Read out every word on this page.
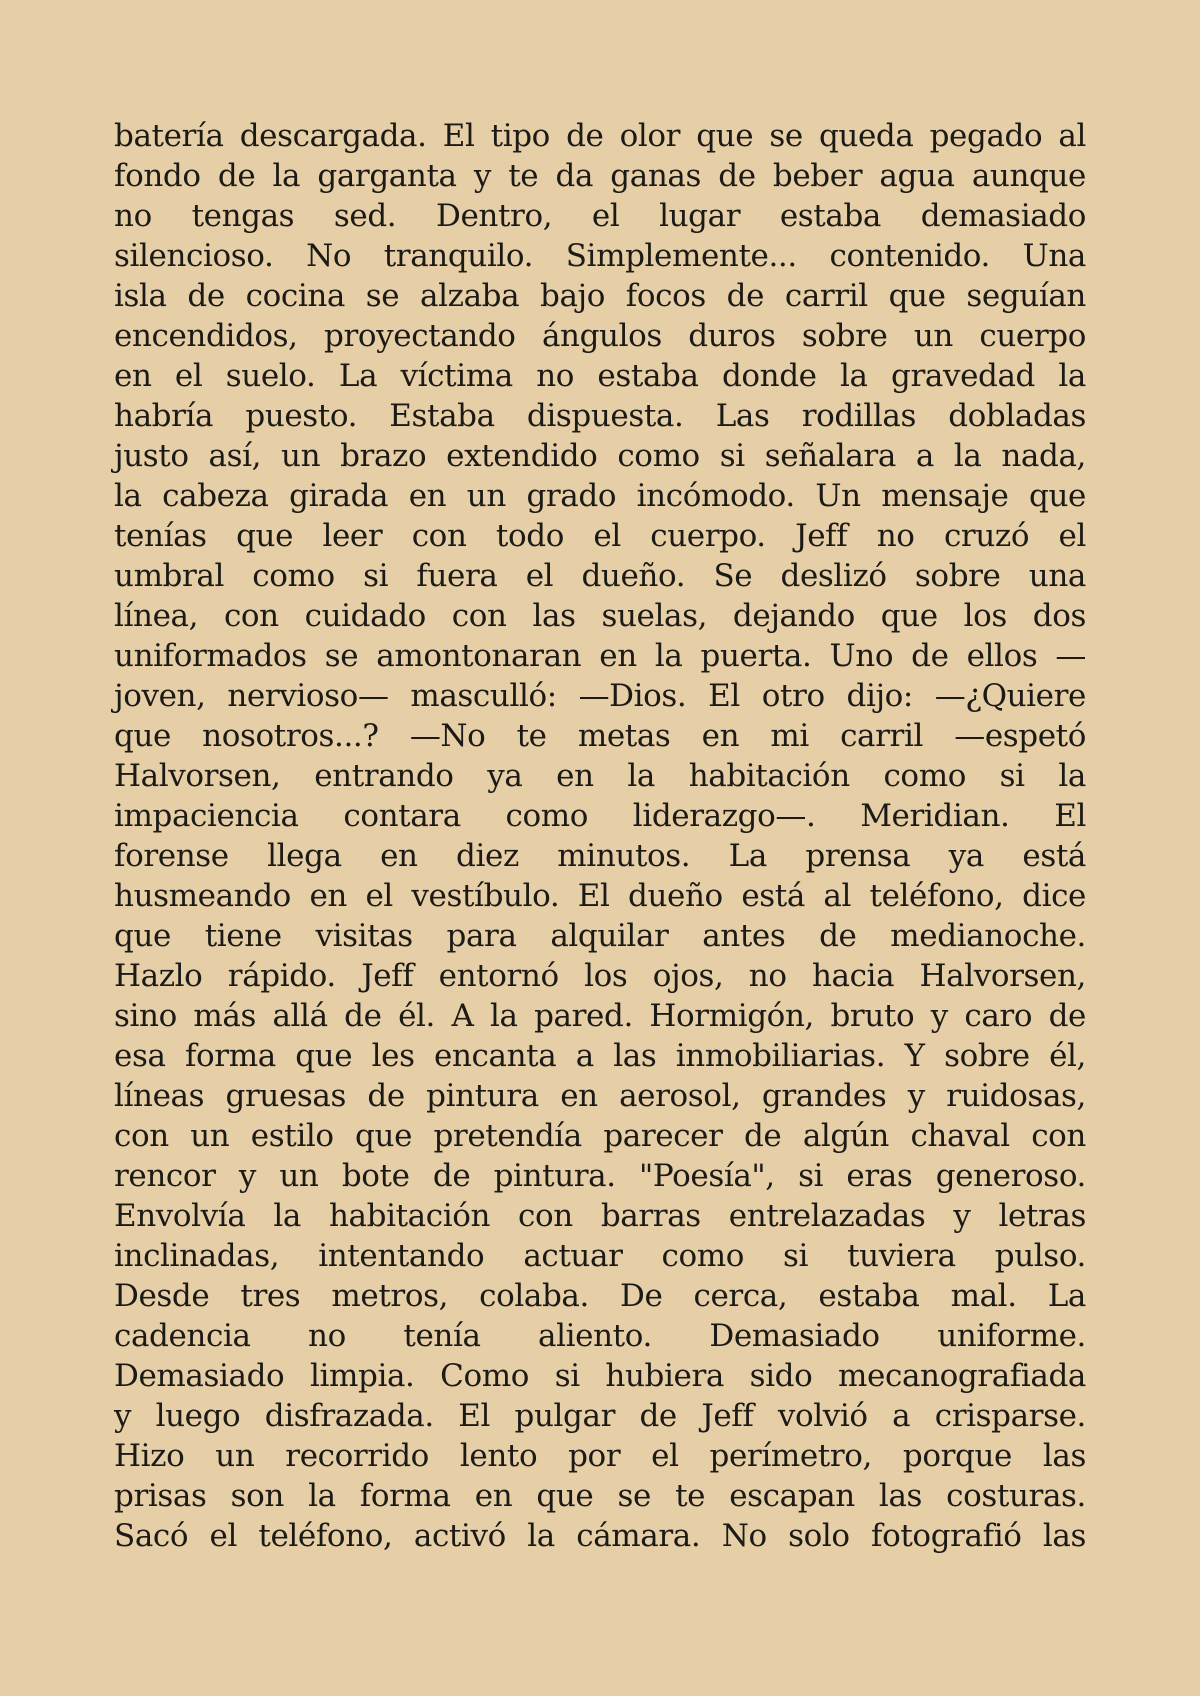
batería descargada. El tipo de olor que se queda pegado al
fondo de la garganta y te da ganas de beber agua aunque
no tengas sed. Dentro, el lugar estaba demasiado
silencioso. No tranquilo. Simplemente... contenido. Una
isla de cocina se alzaba bajo focos de carril que seguían
encendidos, proyectando ángulos duros sobre un cuerpo
en el suelo. La víctima no estaba donde la gravedad la
habría puesto. Estaba dispuesta. Las rodillas dobladas
justo así, un brazo extendido como si señalara a la nada,
la cabeza girada en un grado incómodo. Un mensaje que
tenías que leer con todo el cuerpo. Jeff no cruzó el
umbral como si fuera el dueño. Se deslizó sobre una
línea, con cuidado con las suelas, dejando que los dos
uniformados se amontonaran en la puerta. Uno de ellos —
joven, nervioso— masculló: —Dios. El otro dijo: —¿Quiere
que nosotros...? —No te metas en mi carril —espetó
Halvorsen, entrando ya en la habitación como si la
impaciencia contara como liderazgo—. Meridian. El
forense llega en diez minutos. La prensa ya está
husmeando en el vestíbulo. El dueño está al teléfono, dice
que tiene visitas para alquilar antes de medianoche.
Hazlo rápido. Jeff entornó los ojos, no hacia Halvorsen,
sino más allá de él. A la pared. Hormigón, bruto y caro de
esa forma que les encanta a las inmobiliarias. Y sobre él,
líneas gruesas de pintura en aerosol, grandes y ruidosas,
con un estilo que pretendía parecer de algún chaval con
rencor y un bote de pintura. "Poesía", si eras generoso.
Envolvía la habitación con barras entrelazadas y letras
inclinadas, intentando actuar como si tuviera pulso.
Desde tres metros, colaba. De cerca, estaba mal. La
cadencia no tenía aliento. Demasiado uniforme.
Demasiado limpia. Como si hubiera sido mecanografiada
y luego disfrazada. El pulgar de Jeff volvió a crisparse.
Hizo un recorrido lento por el perímetro, porque las
prisas son la forma en que se te escapan las costuras.
Sacó el teléfono, activó la cámara. No solo fotografió las
